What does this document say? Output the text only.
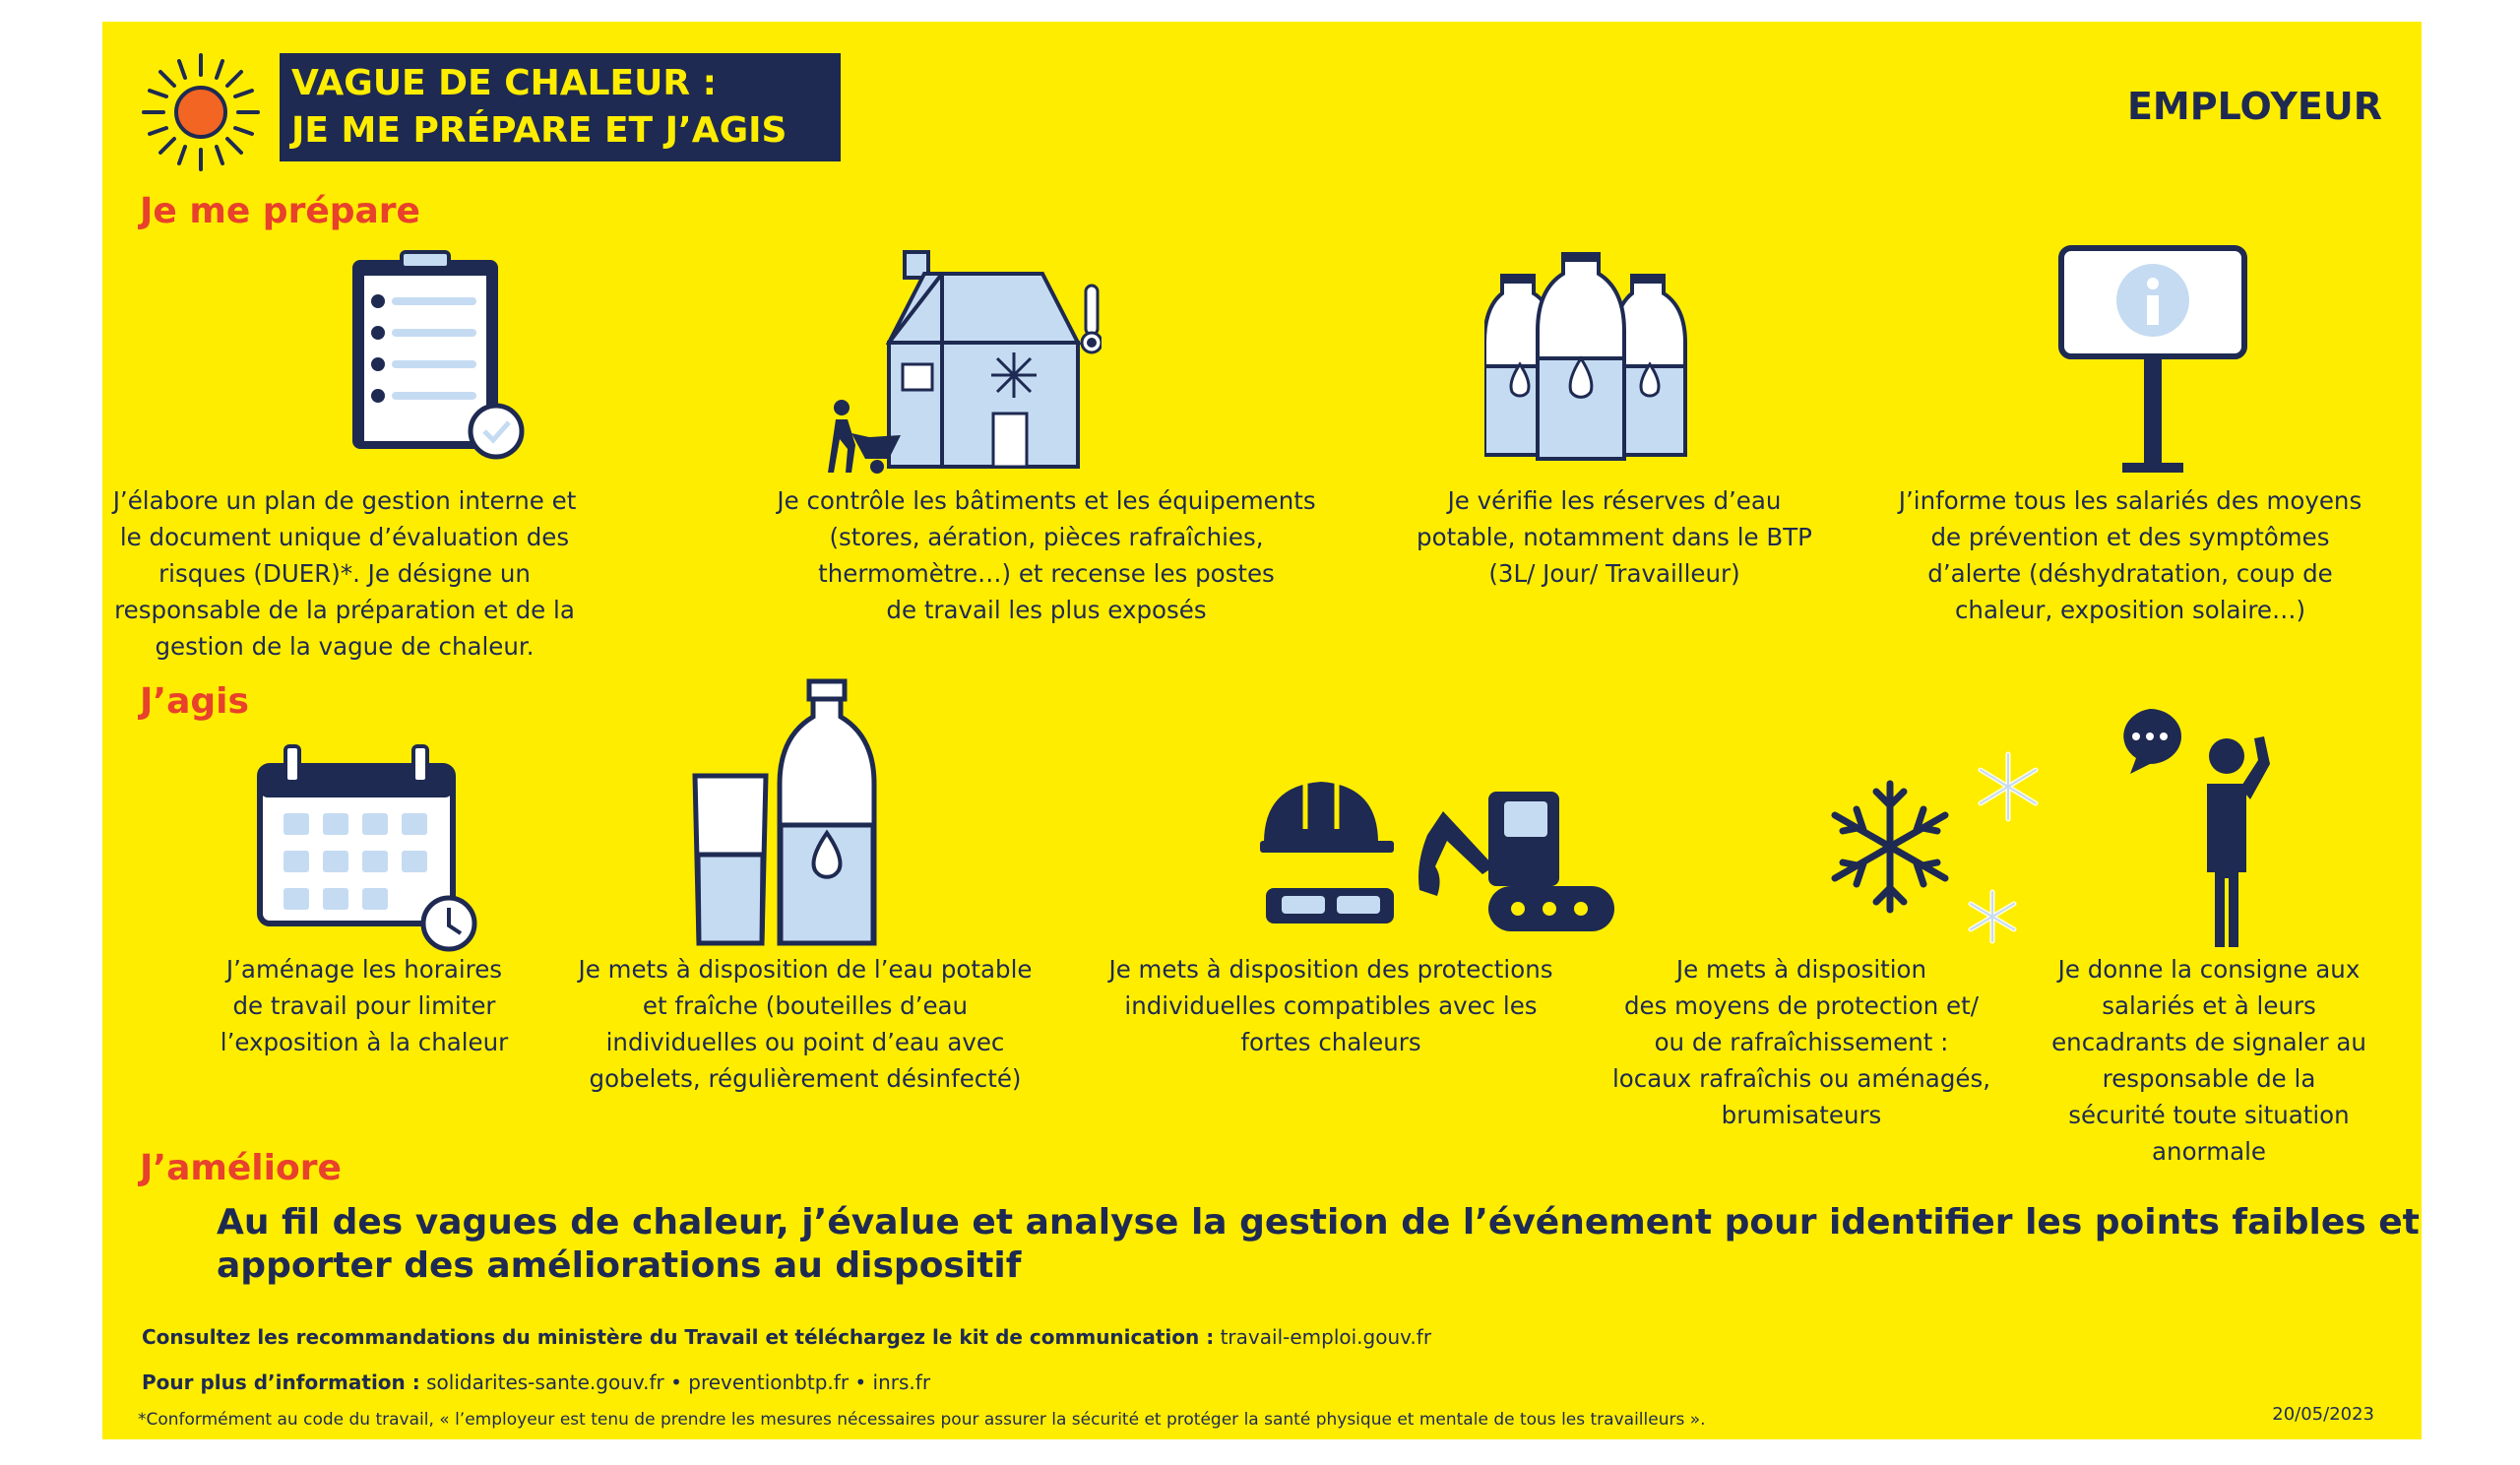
VAGUE DE CHALEUR :
JE ME PRÉPARE ET J’AGIS
EMPLOYEUR
Je me prépare
J’élabore un plan de gestion interne et
le document unique d’évaluation des
risques (DUER)*. Je désigne un
responsable de la préparation et de la
gestion de la vague de chaleur.
Je contrôle les bâtiments et les équipements
(stores, aération, pièces rafraîchies,
thermomètre…) et recense les postes
de travail les plus exposés
Je vérifie les réserves d’eau
potable, notamment dans le BTP
(3L/ Jour/ Travailleur)
J’informe tous les salariés des moyens
de prévention et des symptômes
d’alerte (déshydratation, coup de
chaleur, exposition solaire…)
J’agis
J’aménage les horaires
de travail pour limiter
l’exposition à la chaleur
Je mets à disposition de l’eau potable
et fraîche (bouteilles d’eau
individuelles ou point d’eau avec
gobelets, régulièrement désinfecté)
Je mets à disposition des protections
individuelles compatibles avec les
fortes chaleurs
Je mets à disposition
des moyens de protection et/
ou de rafraîchissement :
locaux rafraîchis ou aménagés,
brumisateurs
Je donne la consigne aux
salariés et à leurs
encadrants de signaler au
responsable de la
sécurité toute situation
anormale
J’améliore
Au fil des vagues de chaleur, j’évalue et analyse la gestion de l’événement pour identifier les points faibles et
apporter des améliorations au dispositif
Consultez les recommandations du ministère du Travail et téléchargez le kit de communication : travail-emploi.gouv.fr
Pour plus d’information : solidarites-sante.gouv.fr • preventionbtp.fr • inrs.fr
*Conformément au code du travail, « l’employeur est tenu de prendre les mesures nécessaires pour assurer la sécurité et protéger la santé physique et mentale de tous les travailleurs ».	20/05/2023
